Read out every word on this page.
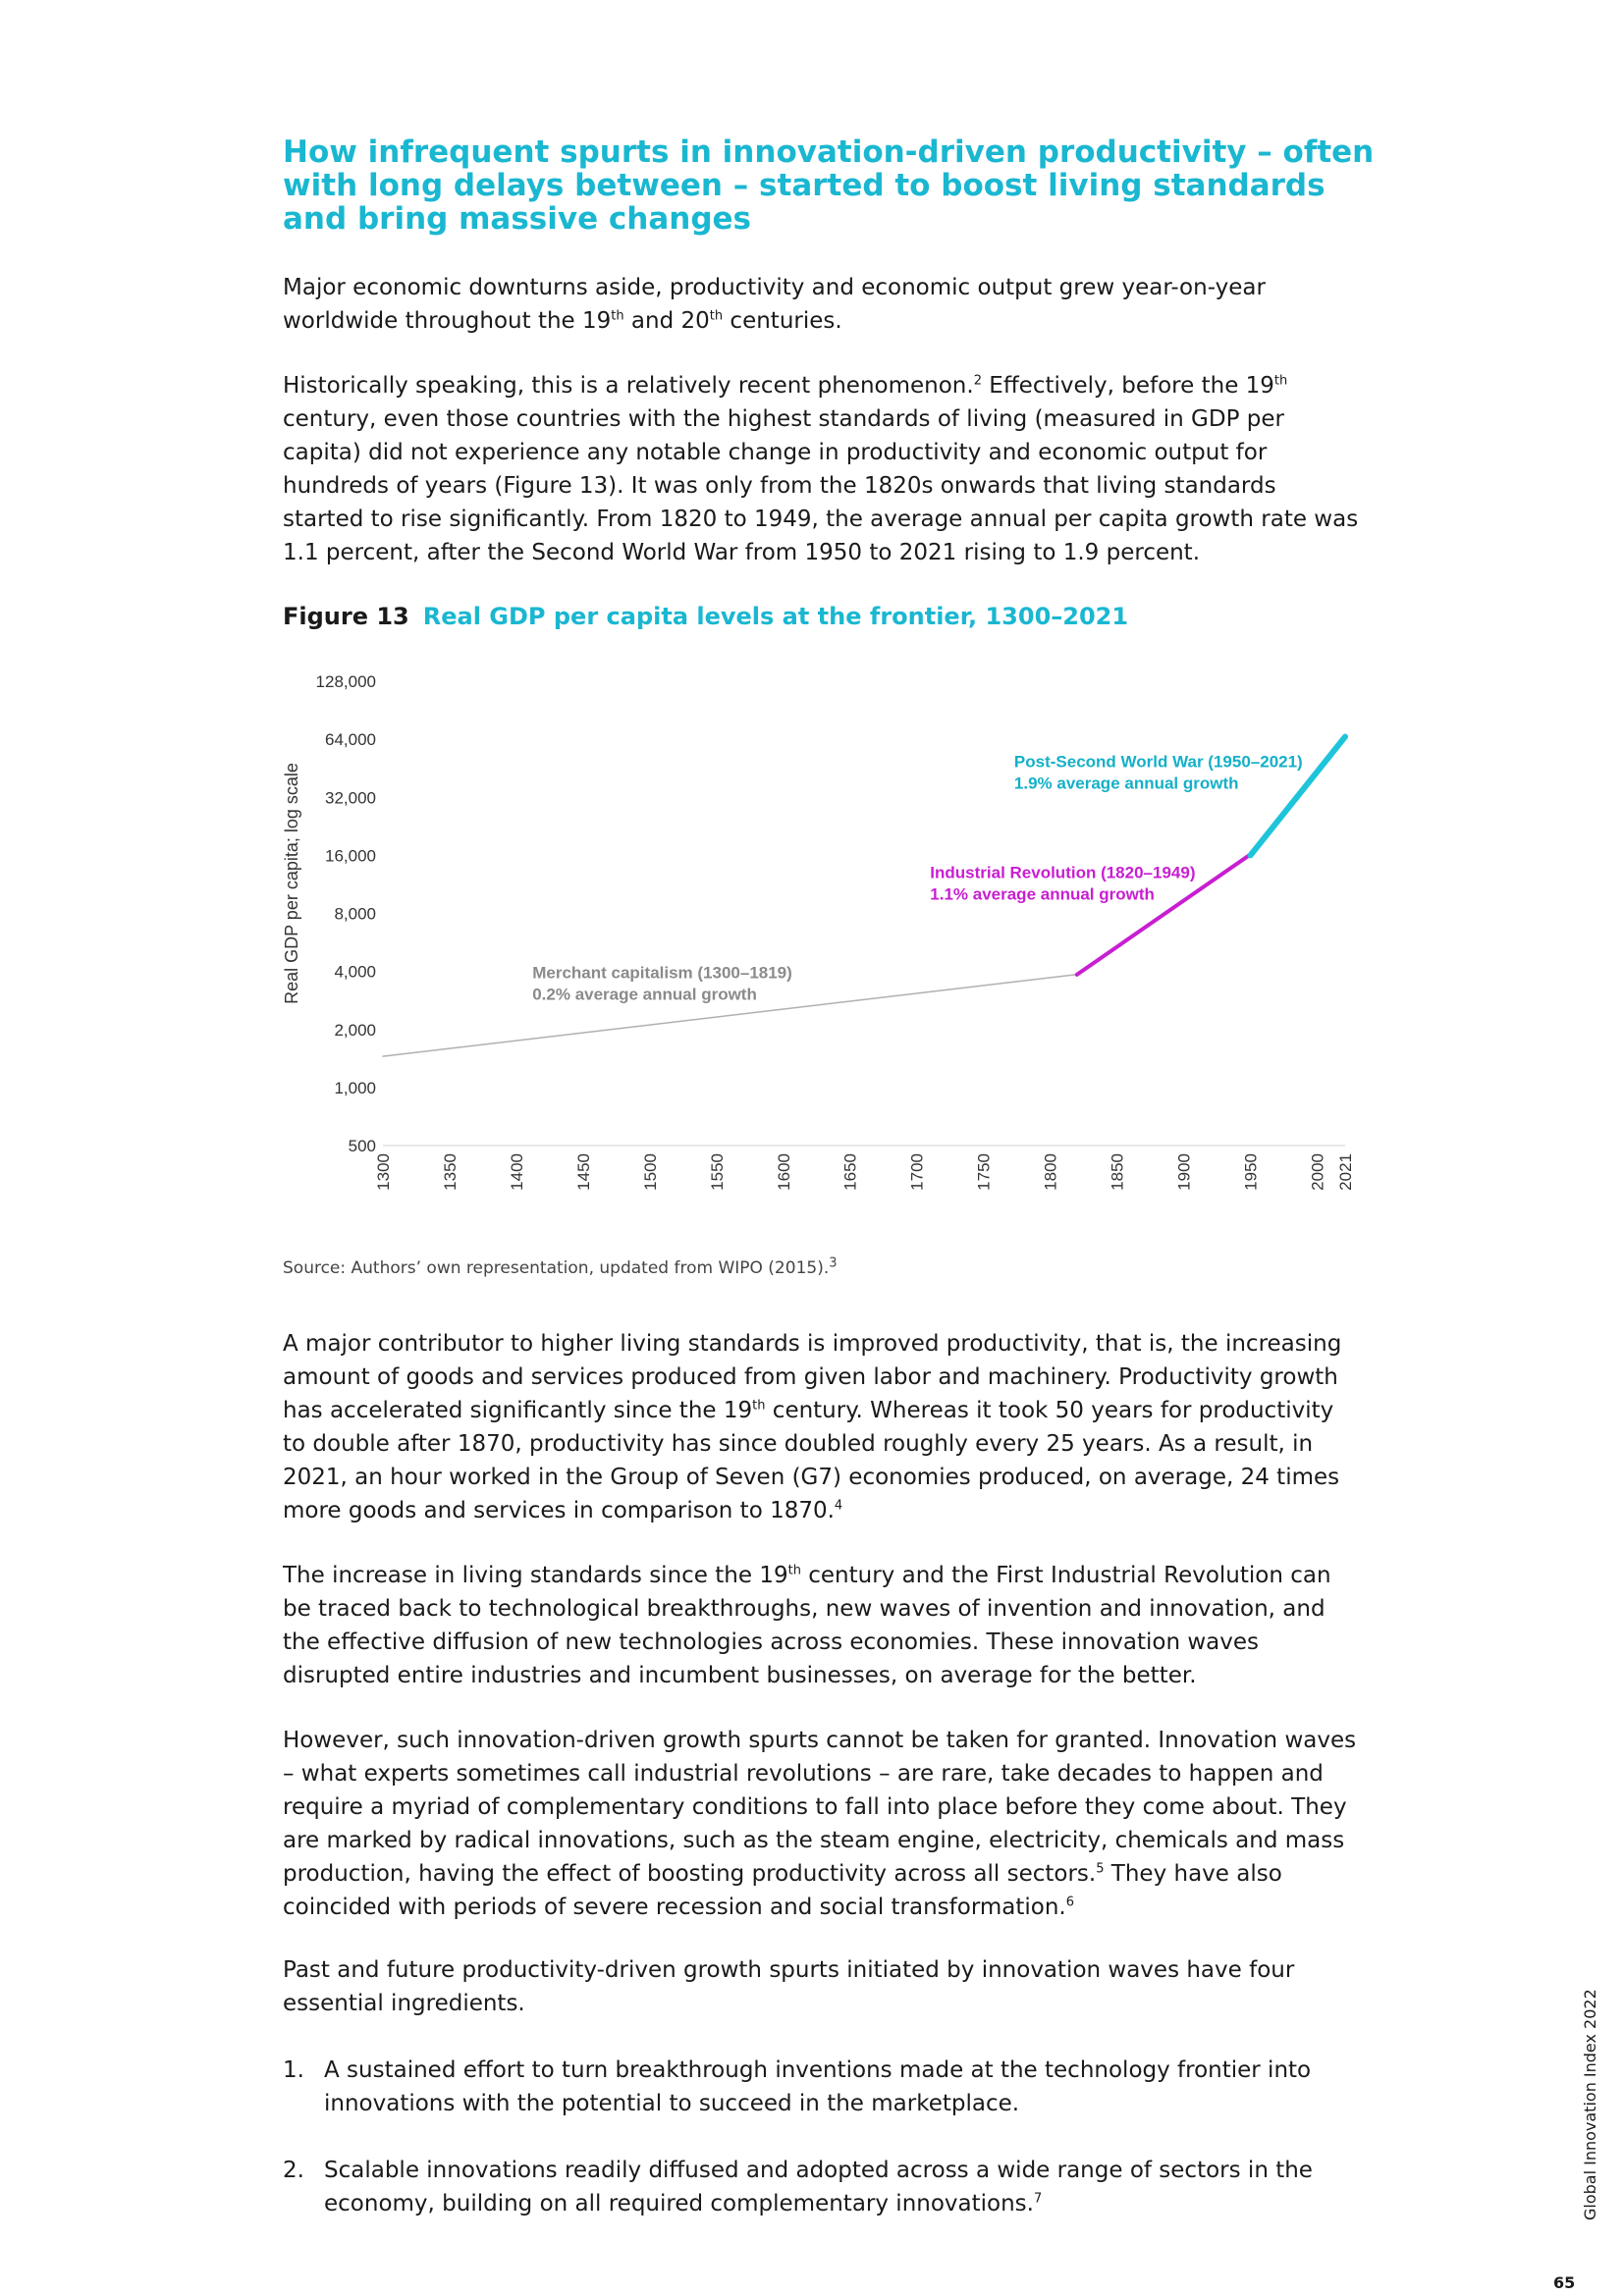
How infrequent spurts in innovation-driven productivity – often with long delays between – started to boost living standards and bring massive changes

Major economic downturns aside, productivity and economic output grew year-on-year worldwide throughout the 19th and 20th centuries.

Historically speaking, this is a relatively recent phenomenon.$^2$ Effectively, before the 19th century, even those countries with the highest standards of living (measured in GDP per capita) did not experience any notable change in productivity and economic output for hundreds of years (Figure 13). It was only from the 1820s onwards that living standards started to rise significantly. From 1820 to 1949, the average annual per capita growth rate was 1.1 percent, after the Second World War from 1950 to 2021 rising to 1.9 percent.

Figure 13 Real GDP per capita levels at the frontier, 1300–2021
Real GDP per capita; log scale
128,000
64,000
32,000
16,000
8,000
4,000
2,000
1,000
500
1300	1350	1400	1450	1500	1550	1600	1650	1700	1750	1800	1850	1900	1950	2000 2021
Merchant capitalism (1300–1819)
0.2% average annual growth
Industrial Revolution (1820–1949)
1.1% average annual growth
Post-Second World War (1950–2021)
1.9% average annual growth
Source: Authors’ own representation, updated from WIPO (2015).$^3$

A major contributor to higher living standards is improved productivity, that is, the increasing amount of goods and services produced from given labor and machinery. Productivity growth has accelerated significantly since the 19th century. Whereas it took 50 years for productivity to double after 1870, productivity has since doubled roughly every 25 years. As a result, in 2021, an hour worked in the Group of Seven (G7) economies produced, on average, 24 times more goods and services in comparison to 1870.$^4$

The increase in living standards since the 19th century and the First Industrial Revolution can be traced back to technological breakthroughs, new waves of invention and innovation, and the effective diffusion of new technologies across economies. These innovation waves disrupted entire industries and incumbent businesses, on average for the better.

However, such innovation-driven growth spurts cannot be taken for granted. Innovation waves – what experts sometimes call industrial revolutions – are rare, take decades to happen and require a myriad of complementary conditions to fall into place before they come about. They are marked by radical innovations, such as the steam engine, electricity, chemicals and mass production, having the effect of boosting productivity across all sectors.$^5$ They have also coincided with periods of severe recession and social transformation.$^6$

Past and future productivity-driven growth spurts initiated by innovation waves have four essential ingredients.

1. A sustained effort to turn breakthrough inventions made at the technology frontier into innovations with the potential to succeed in the marketplace.
2. Scalable innovations readily diffused and adopted across a wide range of sectors in the economy, building on all required complementary innovations.$^7$	Global Innovation Index 2022
65
